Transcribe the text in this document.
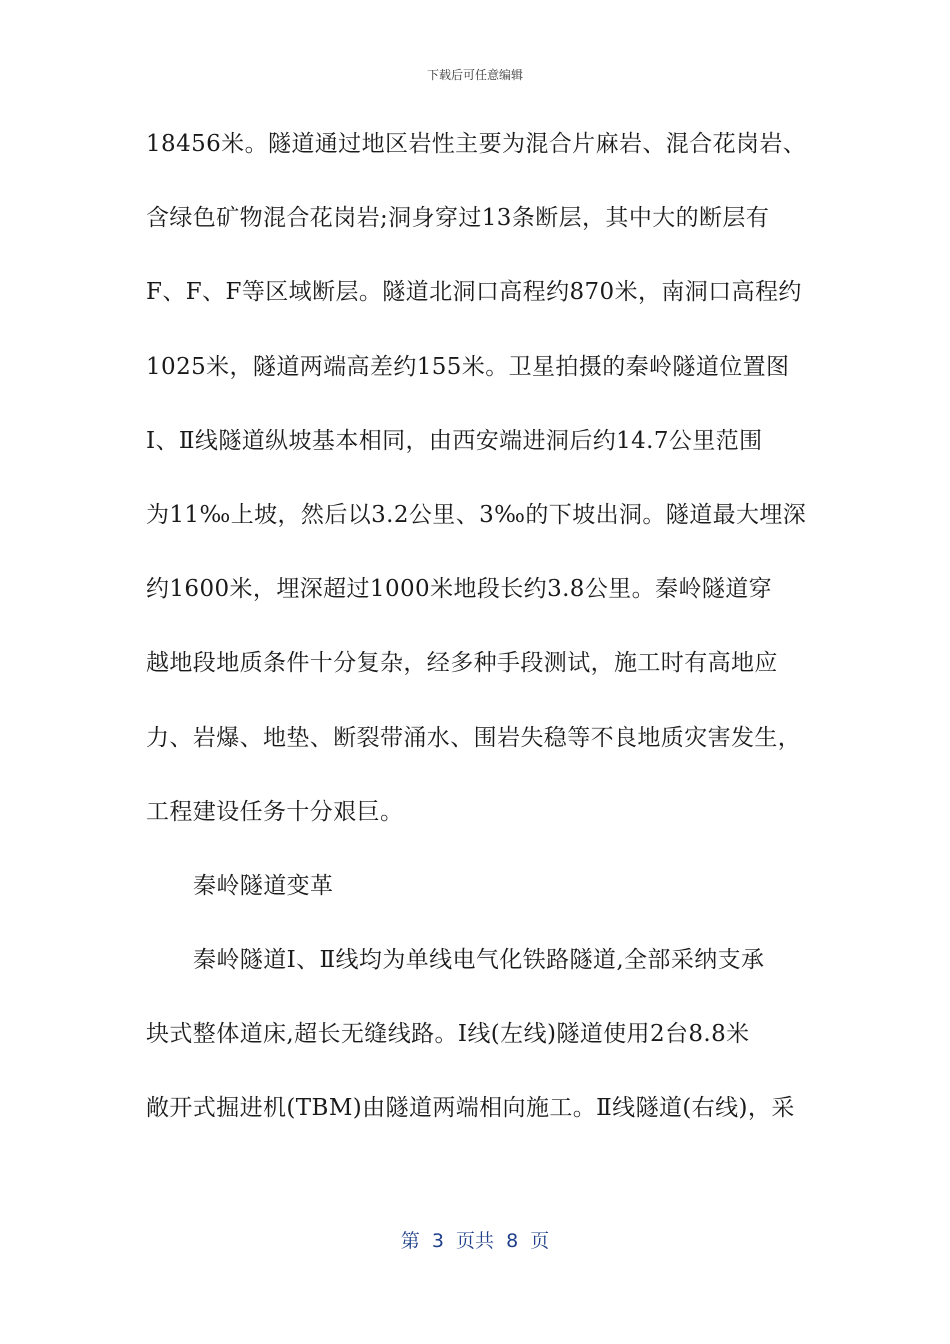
下载后可任意编辑
18456米。隧道通过地区岩性主要为混合片麻岩、混合花岗岩、
含绿色矿物混合花岗岩;洞身穿过13条断层，其中大的断层有
F、F、F等区域断层。隧道北洞口高程约870米，南洞口高程约
1025米，隧道两端高差约155米。卫星拍摄的秦岭隧道位置图
Ⅰ、Ⅱ线隧道纵坡基本相同，由西安端进洞后约14.7公里范围
为11‰上坡，然后以3.2公里、3‰的下坡出洞。隧道最大埋深
约1600米，埋深超过1000米地段长约3.8公里。秦岭隧道穿
越地段地质条件十分复杂，经多种手段测试，施工时有高地应
力、岩爆、地垫、断裂带涌水、围岩失稳等不良地质灾害发生，
工程建设任务十分艰巨。
秦岭隧道变革
秦岭隧道Ⅰ、Ⅱ线均为单线电气化铁路隧道,全部采纳支承
块式整体道床,超长无缝线路。Ⅰ线(左线)隧道使用2台8.8米
敞开式掘进机(TBM)由隧道两端相向施工。Ⅱ线隧道(右线)，采
第  3  页共  8  页
